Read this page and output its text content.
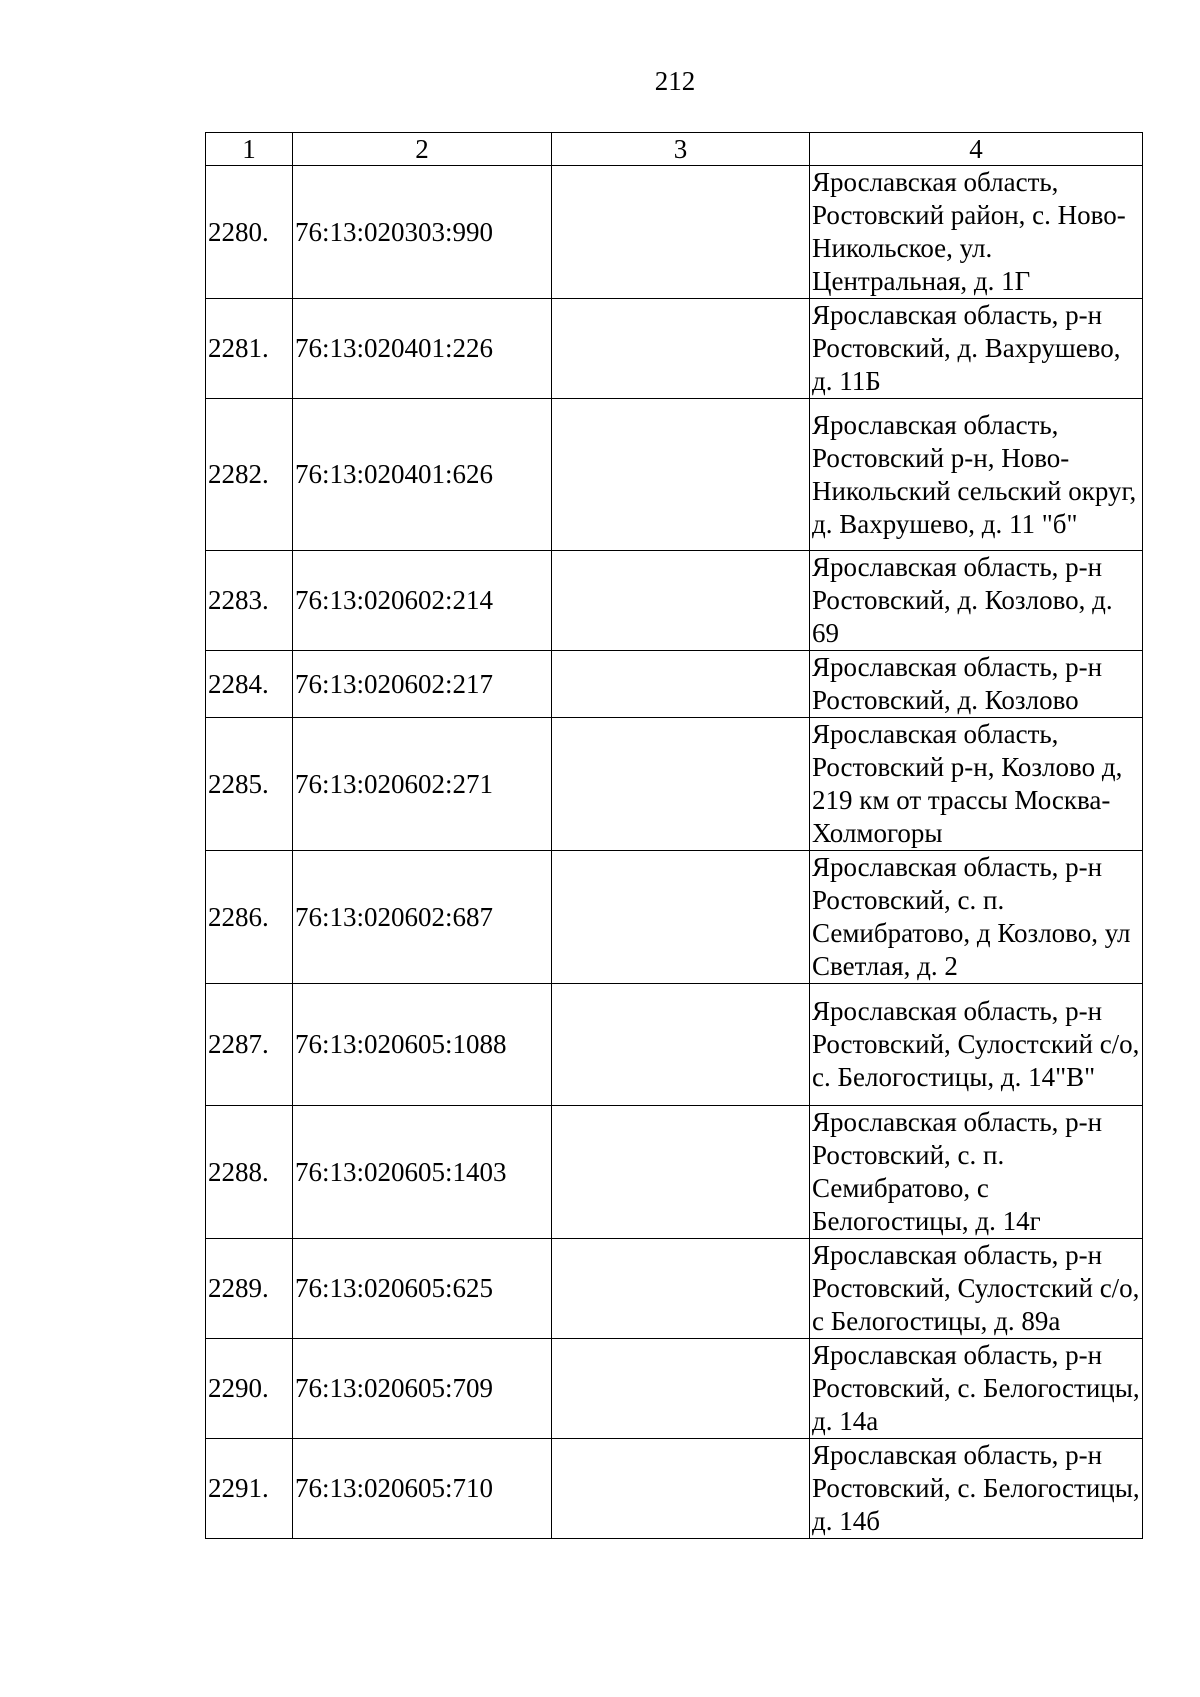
212
1	2	3	4
2280.	76:13:020303:990		Ярославская область, Ростовский район, с. Ново-Никольское, ул. Центральная, д. 1Г
2281.	76:13:020401:226		Ярославская область, р-н Ростовский, д. Вахрушево, д. 11Б
2282.	76:13:020401:626		Ярославская область, Ростовский р-н, Ново-Никольский сельский округ, д. Вахрушево, д. 11 "б"
2283.	76:13:020602:214		Ярославская область, р-н Ростовский, д. Козлово, д. 69
2284.	76:13:020602:217		Ярославская область, р-н Ростовский, д. Козлово
2285.	76:13:020602:271		Ярославская область, Ростовский р-н, Козлово д, 219 км от трассы Москва-Холмогоры
2286.	76:13:020602:687		Ярославская область, р-н Ростовский, с. п. Семибратово, д Козлово, ул Светлая, д. 2
2287.	76:13:020605:1088		Ярославская область, р-н Ростовский, Сулостский с/о, с. Белогостицы, д. 14"В"
2288.	76:13:020605:1403		Ярославская область, р-н Ростовский, с. п. Семибратово, с Белогостицы, д. 14г
2289.	76:13:020605:625		Ярославская область, р-н Ростовский, Сулостский с/о, с Белогостицы, д. 89а
2290.	76:13:020605:709		Ярославская область, р-н Ростовский, с. Белогостицы, д. 14а
2291.	76:13:020605:710		Ярославская область, р-н Ростовский, с. Белогостицы, д. 14б
